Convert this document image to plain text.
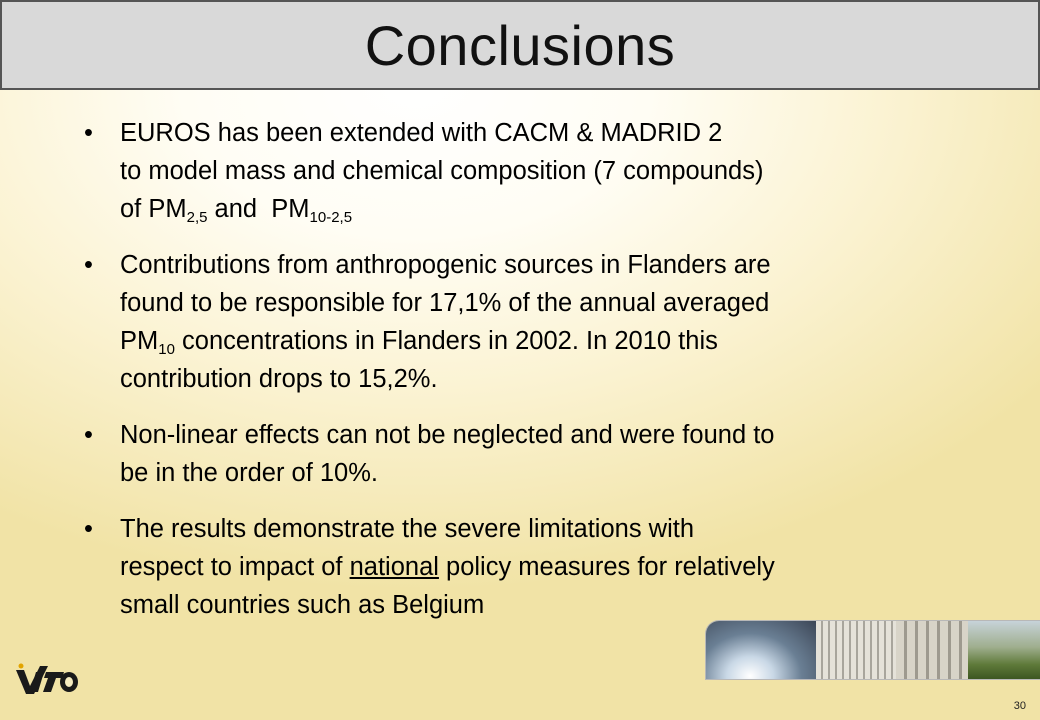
Conclusions
• EUROS has been extended with CACM & MADRID 2
to model mass and chemical composition (7 compounds)
of $PM_{2,5}$ and  $PM_{10-2,5}$
• Contributions from anthropogenic sources in Flanders are
found to be responsible for 17,1% of the annual averaged
$PM_{10}$ concentrations in Flanders in 2002. In 2010 this
contribution drops to 15,2%.
• Non-linear effects can not be neglected and were found to
be in the order of 10%.
• The results demonstrate the severe limitations with
respect to impact of national policy measures for relatively
small countries such as Belgium
30
